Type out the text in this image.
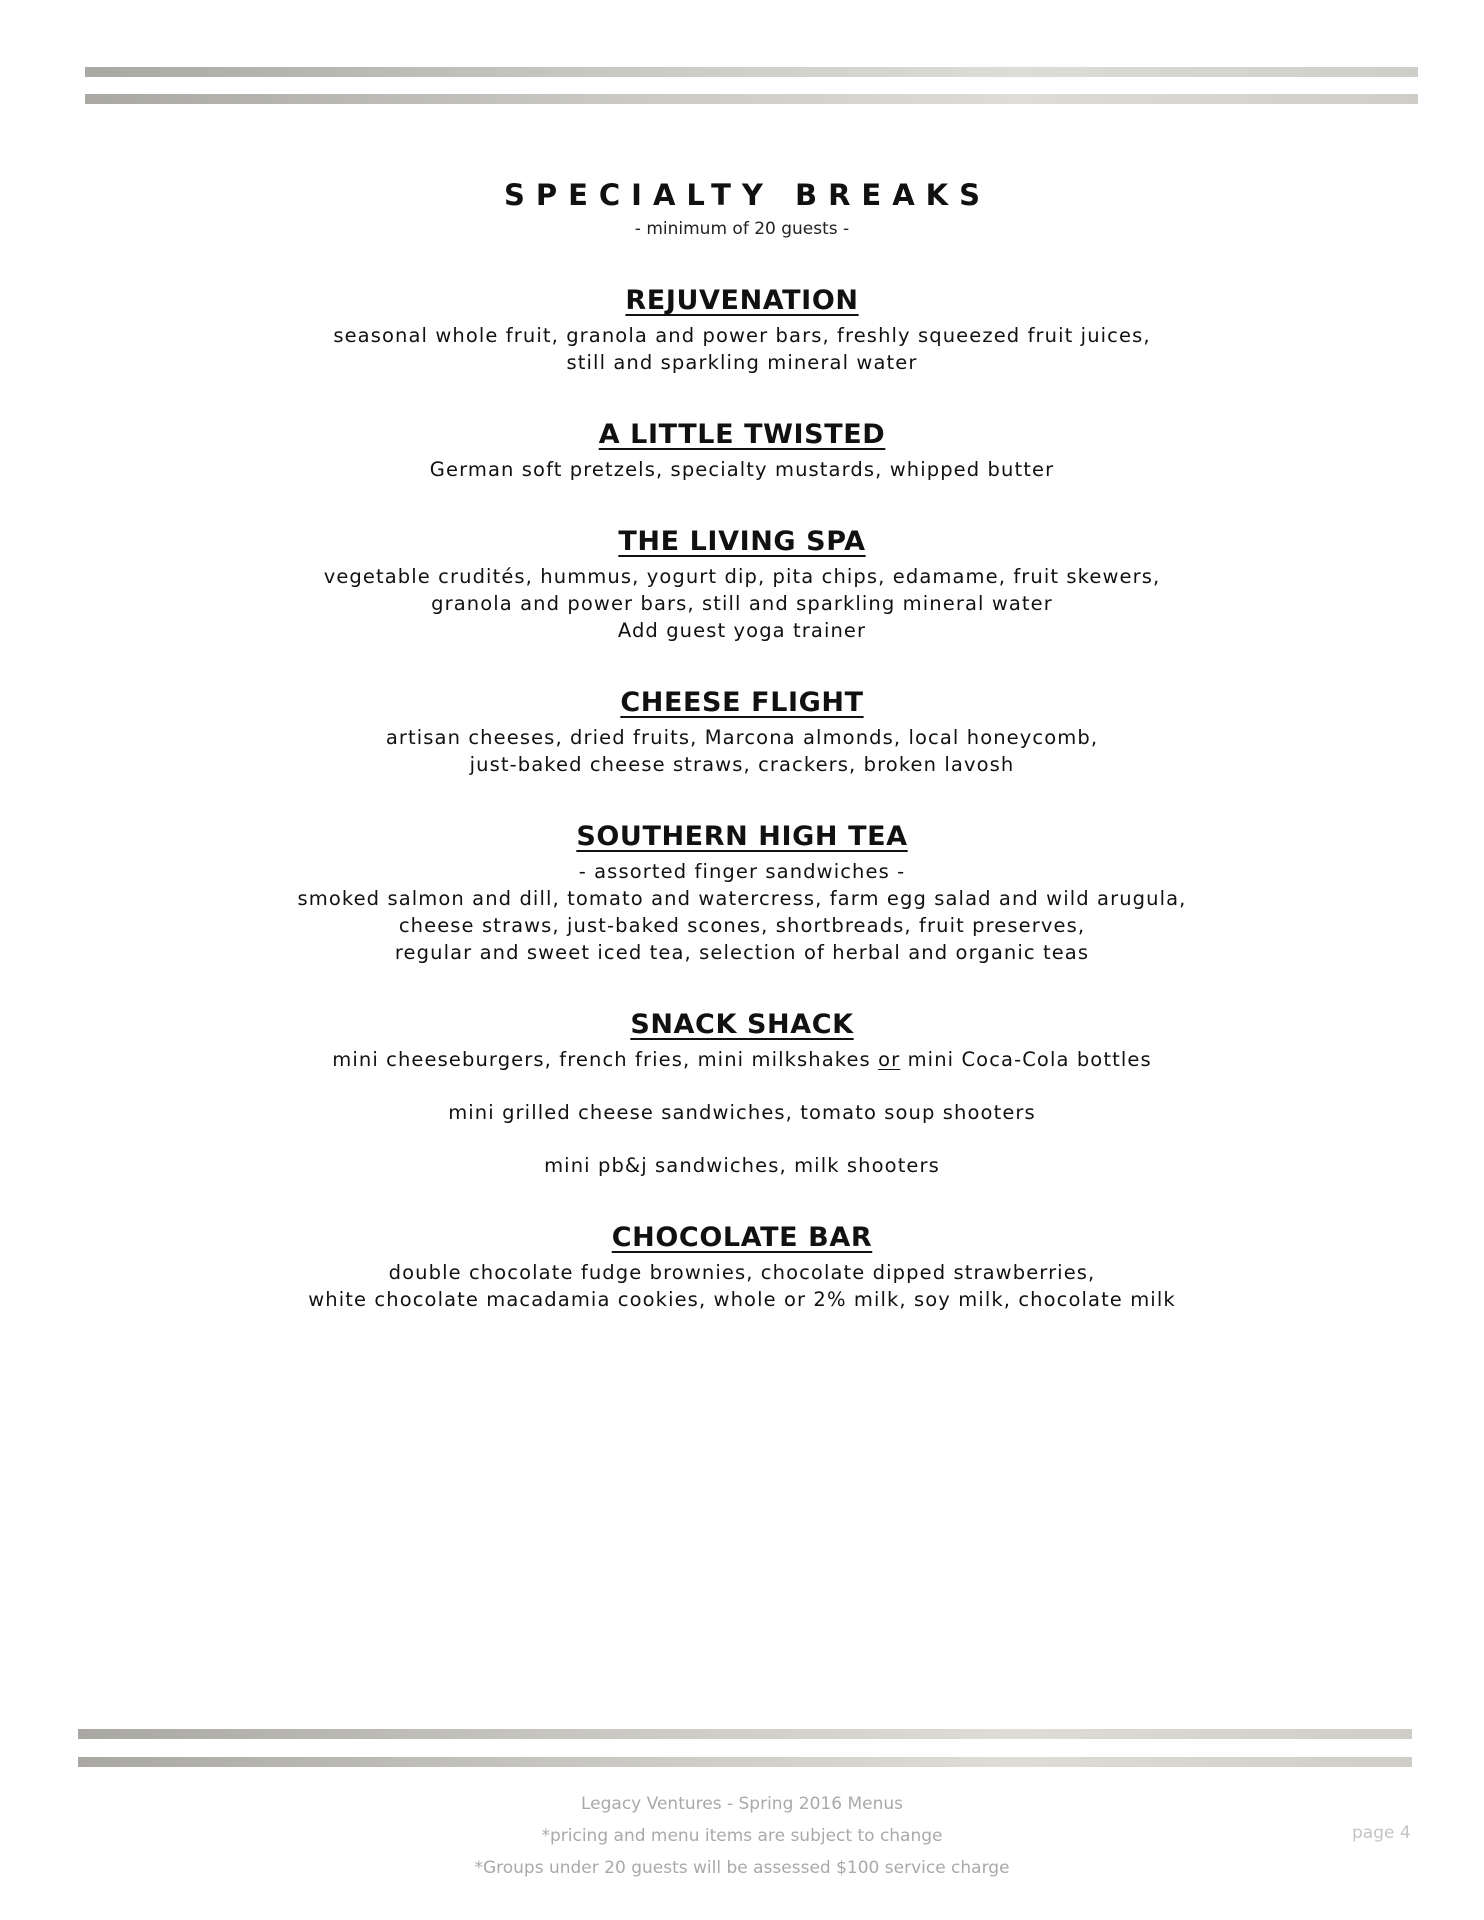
SPECIALTY BREAKS

- minimum of 20 guests -

REJUVENATION

seasonal whole fruit, granola and power bars, freshly squeezed fruit juices,

still and sparkling mineral water

A LITTLE TWISTED

German soft pretzels, specialty mustards, whipped butter

THE LIVING SPA

vegetable crudités, hummus, yogurt dip, pita chips, edamame, fruit skewers,

granola and power bars, still and sparkling mineral water

Add guest yoga trainer

CHEESE FLIGHT

artisan cheeses, dried fruits, Marcona almonds, local honeycomb,

just-baked cheese straws, crackers, broken lavosh

SOUTHERN HIGH TEA

- assorted finger sandwiches -

smoked salmon and dill, tomato and watercress, farm egg salad and wild arugula,

cheese straws, just-baked scones, shortbreads, fruit preserves,

regular and sweet iced tea, selection of herbal and organic teas

SNACK SHACK

mini cheeseburgers, french fries, mini milkshakes or mini Coca-Cola bottles

mini grilled cheese sandwiches, tomato soup shooters

mini pb&j sandwiches, milk shooters

CHOCOLATE BAR

double chocolate fudge brownies, chocolate dipped strawberries,

white chocolate macadamia cookies, whole or 2% milk, soy milk, chocolate milk

Legacy Ventures - Spring 2016 Menus

*pricing and menu items are subject to change

*Groups under 20 guests will be assessed $100 service charge

page 4
